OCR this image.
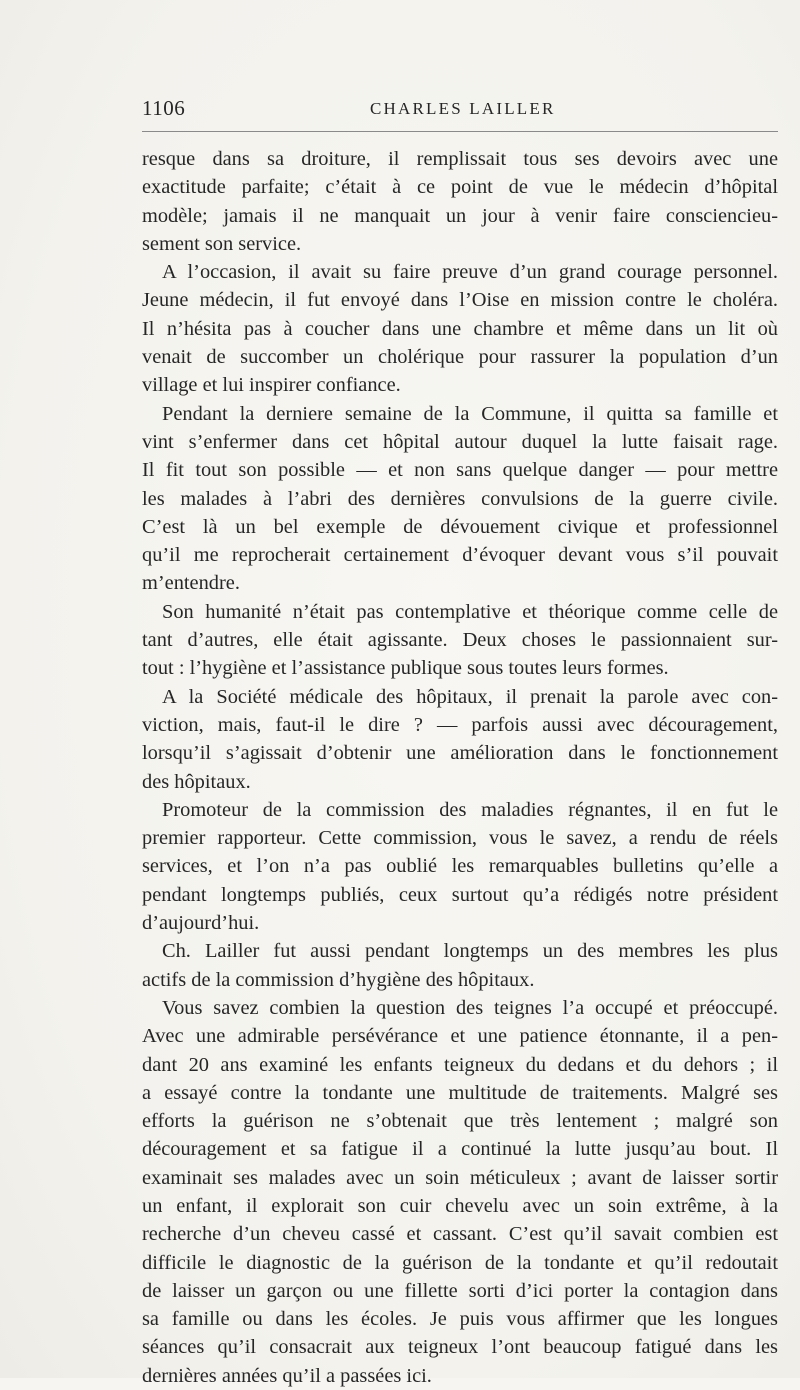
1106	CHARLES LAILLER
resque dans sa droiture, il remplissait tous ses devoirs avec une
exactitude parfaite; c’était à ce point de vue le médecin d’hôpital
modèle; jamais il ne manquait un jour à venir faire consciencieu-
sement son service.
A l’occasion, il avait su faire preuve d’un grand courage personnel.
Jeune médecin, il fut envoyé dans l’Oise en mission contre le choléra.
Il n’hésita pas à coucher dans une chambre et même dans un lit où
venait de succomber un cholérique pour rassurer la population d’un
village et lui inspirer confiance.
Pendant la derniere semaine de la Commune, il quitta sa famille et
vint s’enfermer dans cet hôpital autour duquel la lutte faisait rage.
Il fit tout son possible — et non sans quelque danger — pour mettre
les malades à l’abri des dernières convulsions de la guerre civile.
C’est là un bel exemple de dévouement civique et professionnel
qu’il me reprocherait certainement d’évoquer devant vous s’il pouvait
m’entendre.
Son humanité n’était pas contemplative et théorique comme celle de
tant d’autres, elle était agissante. Deux choses le passionnaient sur-
tout : l’hygiène et l’assistance publique sous toutes leurs formes.
A la Société médicale des hôpitaux, il prenait la parole avec con-
viction, mais, faut-il le dire ? — parfois aussi avec découragement,
lorsqu’il s’agissait d’obtenir une amélioration dans le fonctionnement
des hôpitaux.
Promoteur de la commission des maladies régnantes, il en fut le
premier rapporteur. Cette commission, vous le savez, a rendu de réels
services, et l’on n’a pas oublié les remarquables bulletins qu’elle a
pendant longtemps publiés, ceux surtout qu’a rédigés notre président
d’aujourd’hui.
Ch. Lailler fut aussi pendant longtemps un des membres les plus
actifs de la commission d’hygiène des hôpitaux.
Vous savez combien la question des teignes l’a occupé et préoccupé.
Avec une admirable persévérance et une patience étonnante, il a pen-
dant 20 ans examiné les enfants teigneux du dedans et du dehors ; il
a essayé contre la tondante une multitude de traitements. Malgré ses
efforts la guérison ne s’obtenait que très lentement ; malgré son
découragement et sa fatigue il a continué la lutte jusqu’au bout. Il
examinait ses malades avec un soin méticuleux ; avant de laisser sortir
un enfant, il explorait son cuir chevelu avec un soin extrême, à la
recherche d’un cheveu cassé et cassant. C’est qu’il savait combien est
difficile le diagnostic de la guérison de la tondante et qu’il redoutait
de laisser un garçon ou une fillette sorti d’ici porter la contagion dans
sa famille ou dans les écoles. Je puis vous affirmer que les longues
séances qu’il consacrait aux teigneux l’ont beaucoup fatigué dans les
dernières années qu’il a passées ici.
